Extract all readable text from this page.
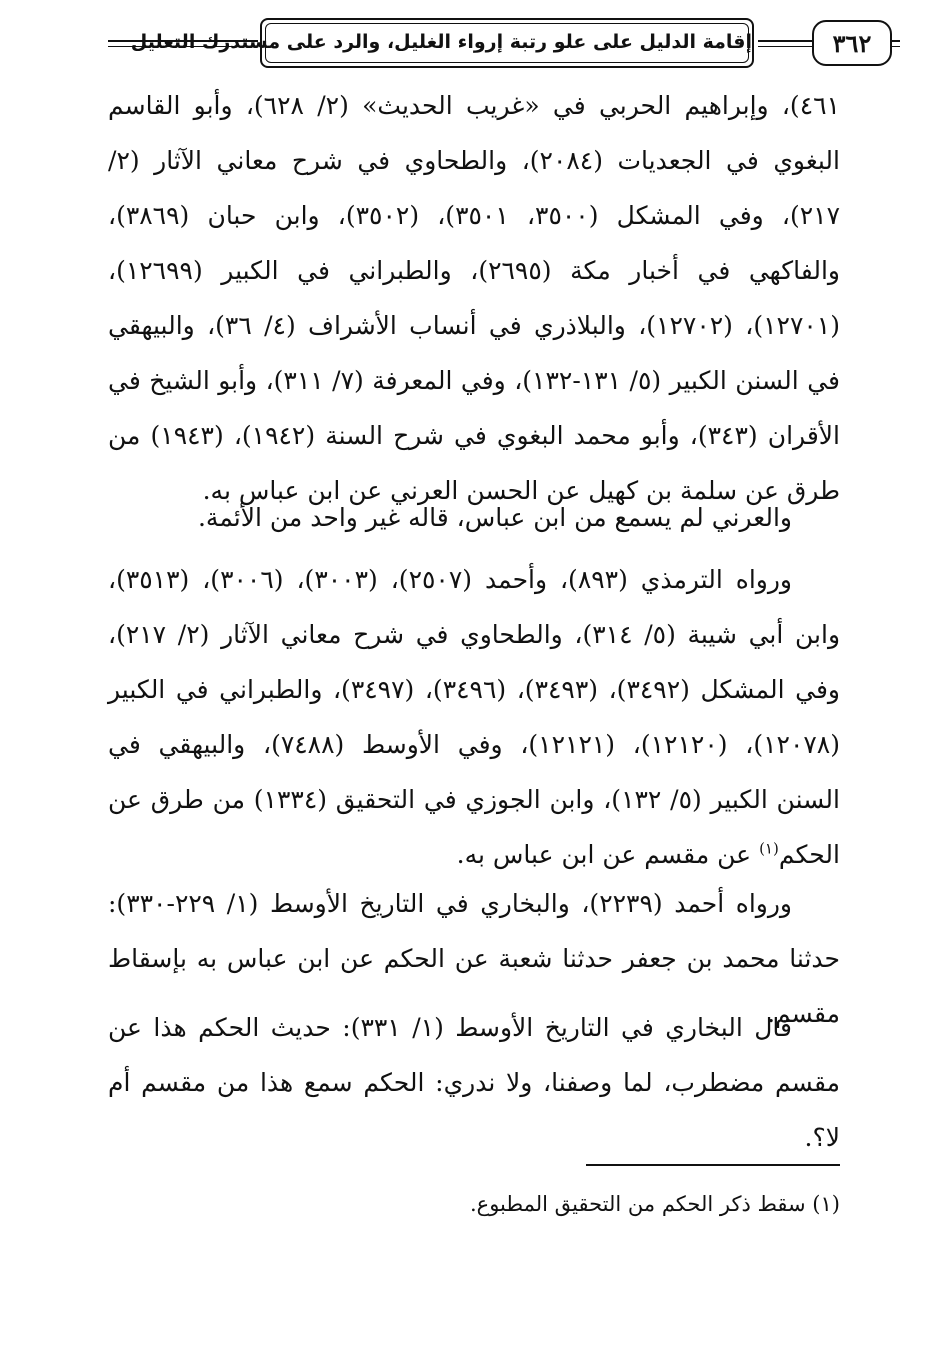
إقامة الدليل على علو رتبة إرواء الغليل، والرد على مستدرك التعليل	٣٦٢
٤٦١)، وإبراهيم الحربي في «غريب الحديث» (٢/ ٦٢٨)، وأبو القاسم البغوي في الجعديات (٢٠٨٤)، والطحاوي في شرح معاني الآثار (٢/ ٢١٧)، وفي المشكل (٣٥٠٠، ٣٥٠١)، (٣٥٠٢)، وابن حبان (٣٨٦٩)، والفاكهي في أخبار مكة (٢٦٩٥)، والطبراني في الكبير (١٢٦٩٩)، (١٢٧٠١)، (١٢٧٠٢)، والبلاذري في أنساب الأشراف (٤/ ٣٦)، والبيهقي في السنن الكبير (٥/ ١٣١-١٣٢)، وفي المعرفة (٧/ ٣١١)، وأبو الشيخ في الأقران (٣٤٣)، وأبو محمد البغوي في شرح السنة (١٩٤٢)، (١٩٤٣) من طرق عن سلمة بن كهيل عن الحسن العرني عن ابن عباس به.
والعرني لم يسمع من ابن عباس، قاله غير واحد من الأئمة.
ورواه الترمذي (٨٩٣)، وأحمد (٢٥٠٧)، (٣٠٠٣)، (٣٠٠٦)، (٣٥١٣)، وابن أبي شيبة (٥/ ٣١٤)، والطحاوي في شرح معاني الآثار (٢/ ٢١٧)، وفي المشكل (٣٤٩٢)، (٣٤٩٣)، (٣٤٩٦)، (٣٤٩٧)، والطبراني في الكبير (١٢٠٧٨)، (١٢١٢٠)، (١٢١٢١)، وفي الأوسط (٧٤٨٨)، والبيهقي في السنن الكبير (٥/ ١٣٢)، وابن الجوزي في التحقيق (١٣٣٤) من طرق عن الحكم$^{(١)}$ عن مقسم عن ابن عباس به.
ورواه أحمد (٢٢٣٩)، والبخاري في التاريخ الأوسط (١/ ٢٢٩-٣٣٠): حدثنا محمد بن جعفر حدثنا شعبة عن الحكم عن ابن عباس به بإسقاط مقسم.
قال البخاري في التاريخ الأوسط (١/ ٣٣١): حديث الحكم هذا عن مقسم مضطرب، لما وصفنا، ولا ندري: الحكم سمع هذا من مقسم أم لا؟.
(١) سقط ذكر الحكم من التحقيق المطبوع.
